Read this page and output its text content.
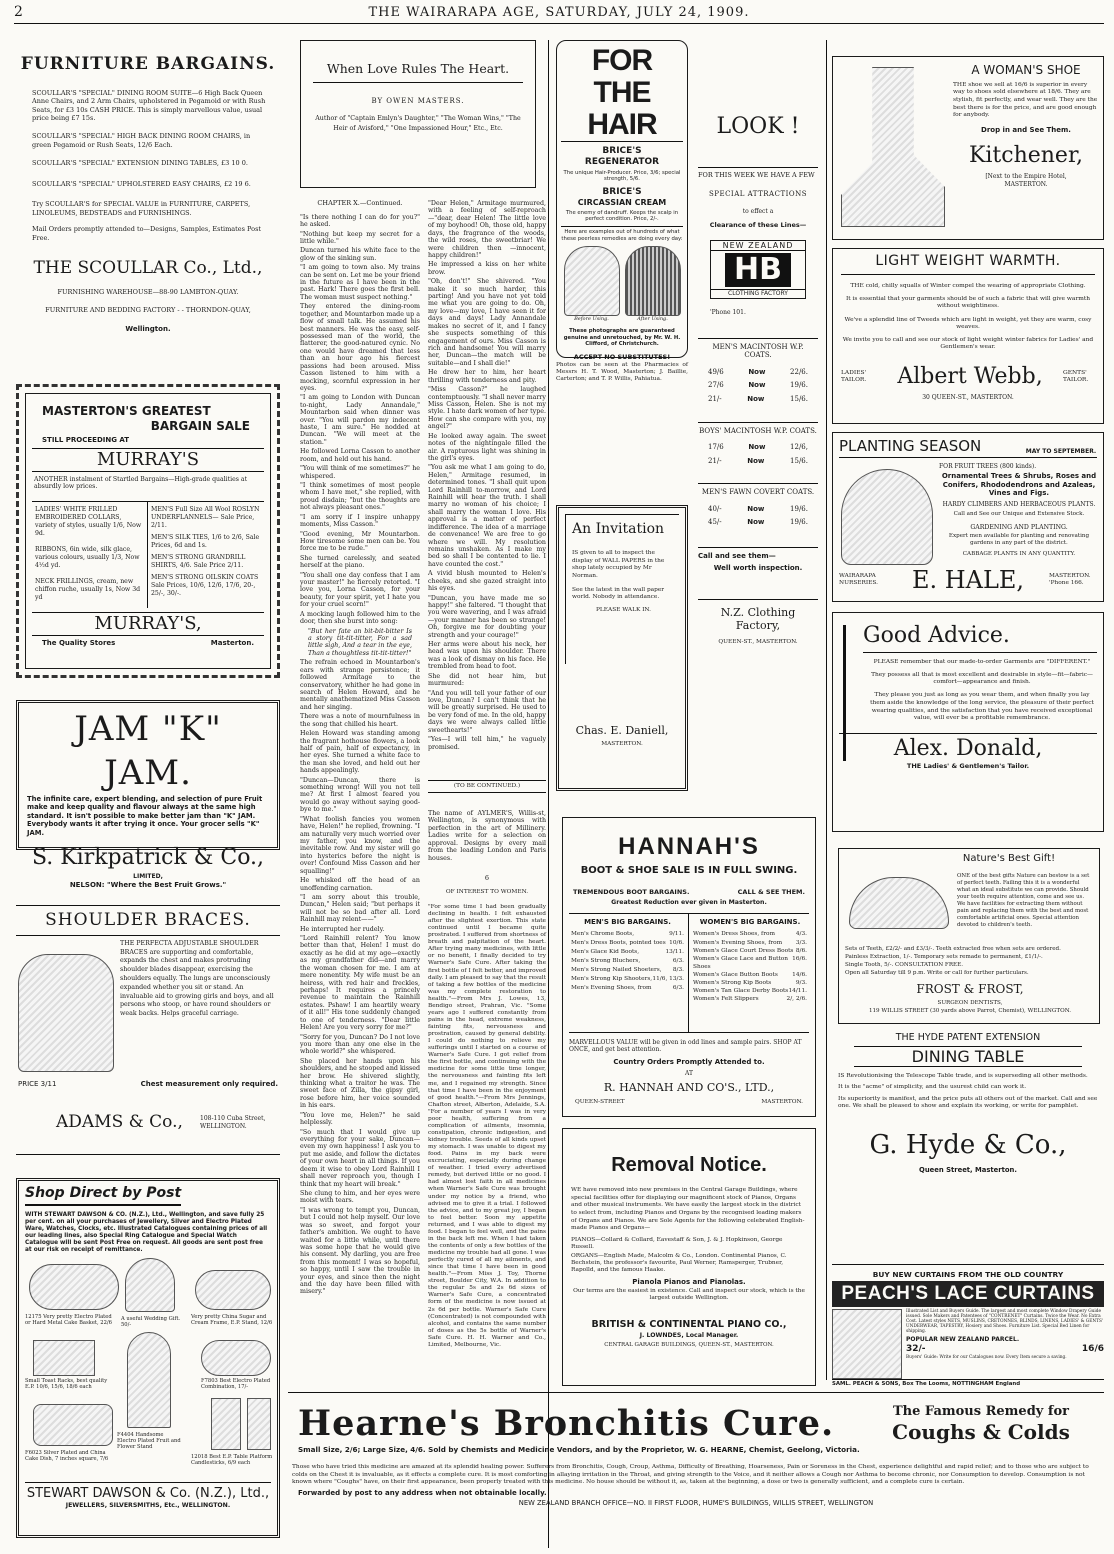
2	THE WAIRARAPA AGE, SATURDAY, JULY 24, 1909.
FURNITURE BARGAINS.

SCOULLAR'S "SPECIAL" DINING ROOM SUITE—6 High Back Queen Anne Chairs, and 2 Arm Chairs, upholstered in Pegamoid or with Rush Seats, for £3 10s CASH PRICE. This is simply marvellous value, usual price being £7 15s.

SCOULLAR'S "SPECIAL" HIGH BACK DINING ROOM CHAIRS, in green Pegamoid or Rush Seats, 12/6 Each.

SCOULLAR'S "SPECIAL" EXTENSION DINING TABLES, £3 10 0.

SCOULLAR'S "SPECIAL" UPHOLSTERED EASY CHAIRS, £2 19 6.

Try SCOULLAR'S for SPECIAL VALUE in FURNITURE, CARPETS, LINOLEUMS, BEDSTEADS and FURNISHINGS.

Mail Orders promptly attended to—Designs, Samples, Estimates Post Free.

THE SCOULLAR Co., Ltd.,
FURNISHING WAREHOUSE—88-90 LAMBTON-QUAY.
FURNITURE AND BEDDING FACTORY - - THORNDON-QUAY,
Wellington.
MASTERTON'S GREATEST
BARGAIN SALE
STILL PROCEEDING AT
MURRAY'S

ANOTHER instalment of Startled Bargains—High-grade qualities at absurdly low prices.

LADIES' WHITE FRILLED EMBROIDERED COLLARS, variety of styles, usually 1/6, Now 9d.

RIBBONS, 6in wide, silk glace, various colours, usually 1/3, Now 4½d yd.

NECK FRILLINGS, cream, new chiffon ruche, usually 1s, Now 3d yd

MEN'S Full Size All Wool ROSLYN UNDERFLANNELS— Sale Price, 2/11.

MEN'S SILK TIES, 1/6 to 2/6, Sale Prices, 6d and 1s.

MEN'S STRONG GRANDRILL SHIRTS, 4/6. Sale Price 2/11.

MEN'S STRONG OILSKIN COATS Sale Prices, 10/6, 12/6, 17/6, 20-, 25/-, 30/-.

MURRAY'S,
The Quality Stores	Masterton.
JAM "K" JAM.
The infinite care, expert blending, and selection of pure Fruit make and keep quality and flavour always at the same high standard. It isn't possible to make better jam than "K" JAM. Everybody wants it after trying it once. Your grocer sells "K" JAM.
S. Kirkpatrick & Co.,
LIMITED,
NELSON: "Where the Best Fruit Grows."
SHOULDER BRACES.

THE PERFECTA ADJUSTABLE SHOULDER BRACES are supporting and comfortable, expands the chest and makes protruding shoulder blades disappear, exercising the shoulders equally. The lungs are unconsciously expanded whether you sit or stand. An invaluable aid to growing girls and boys, and all persons who stoop, or have round shoulders or weak backs. Helps graceful carriage.

PRICE 3/11	Chest measurement only required.
ADAMS & Co.,	108-110 Cuba Street, WELLINGTON.
Shop Direct by Post

WITH STEWART DAWSON & CO. (N.Z.), Ltd., Wellington, and save fully 25 per cent. on all your purchases of Jewellery, Silver and Electro Plated Ware, Watches, Clocks, etc. Illustrated Catalogues containing prices of all our leading lines, also Special Ring Catalogue and Special Watch Catalogue will be sent Post Free on request. All goods are sent post free at our risk on receipt of remittance.

12175 Very pretty Electro Plated or Hard Metal Cake Basket, 22/6
A useful Wedding Gift. 50/-
Very pretty China Sugar and Cream Frame, E.P. Stand, 12/6
Small Toast Racks, best quality E.P. 10/6, 15/6, 18/6 each
F7803 Best Electro Plated Combination, 17/-
F6023 Silver Plated and China Cake Dish, 7 inches square, 7/6
F4404 Handsome Electro Plated Fruit and Flower Stand
12018 Best E.P. Table Platform Candlesticks, 6/9 each
STEWART DAWSON & Co. (N.Z.), Ltd.,
JEWELLERS, SILVERSMITHS, Etc., WELLINGTON.
When Love Rules The Heart.
BY OWEN MASTERS.
Author of "Captain Emlyn's Daughter," "The Woman Wins," "The Heir of Avisford," "One Impassioned Hour," Etc., Etc.
CHAPTER X.—Continued.

"Is there nothing I can do for you?" he asked.

"Nothing but keep my secret for a little while."

Duncan turned his white face to the glow of the sinking sun.

"I am going to town also. My trains can be sent on. Let me be your friend in the future as I have been in the past. Hark! There goes the first bell. The woman must suspect nothing."

They entered the dining-room together, and Mountarbon made up a flow of small talk. He assumed his best manners. He was the easy, self-possessed man of the world, the flatterer, the good-natured cynic. No one would have dreamed that less than an hour ago his fiercest passions had been aroused. Miss Casson listened to him with a mocking, scornful expression in her eyes.

"I am going to London with Duncan to-night, Lady Annandale," Mountarbon said when dinner was over. "You will pardon my indecent haste, I am sure." He nodded at Duncan. "We will meet at the station."

He followed Lorna Casson to another room, and held out his hand.

"You will think of me sometimes?" he whispered.

"I think sometimes of most people whom I have met," she replied, with proud disdain; "but the thoughts are not always pleasant ones."

"I am sorry if I inspire unhappy moments, Miss Casson."

"Good evening, Mr Mountarbon. How tiresome some men can be. You force me to be rude."

She turned carelessly, and seated herself at the piano.

"You shall one day confess that I am your master!" he fiercely retorted. "I love you, Lorna Casson, for your beauty, for your spirit, yet I hate you for your cruel scorn!"

A mocking laugh followed him to the door, then she burst into song:

"But her fate an bit-bit-bitter Is a story tit-tit-titter, For a sad little sigh, And a tear in the eye, Than a thoughtless tit-tit-titter!"

The refrain echoed in Mountarbon's ears with strange persistence; it followed Armitage to the conservatory, whither he had gone in search of Helen Howard, and he mentally anathematized Miss Casson and her singing.

There was a note of mournfulness in the song that chilled his heart.

Helen Howard was standing among the fragrant hothouse flowers, a look half of pain, half of expectancy, in her eyes. She turned a white face to the man she loved, and held out her hands appealingly.

"Duncan—Duncan, there is something wrong! Will you not tell me? At first I almost feared you would go away without saying good-bye to me."

"What foolish fancies you women have, Helen!" he replied, frowning. "I am naturally very much worried over my father, you know, and the inevitable row. And my sister will go into hysterics before the night is over! Confound Miss Casson and her squalling!"

He whisked off the head of an unoffending carnation.

"I am sorry about this trouble, Duncan," Helen said; "but perhaps it will not be so bad after all. Lord Rainhill may relent——"

He interrupted her rudely.

"Lord Rainhill relent? You know better than that, Helen! I must do exactly as he did at my age—exactly as my grandfather did—and marry the woman chosen for me. I am at mere nonentity. My wife must be an heiress, with red hair and freckles, perhaps! It requires a princely revenue to maintain the Rainhill estates. Pshaw! I am heartily weary of it all!" His tone suddenly changed to one of tenderness. "Dear little Helen! Are you very sorry for me?"

"Sorry for you, Duncan? Do I not love you more than any one else in the whole world?" she whispered.

She placed her hands upon his shoulders, and he stooped and kissed her brow. He shivered slightly, thinking what a traitor he was. The sweet face of Zilla, the gipsy girl, rose before him, her voice sounded in his ears.

"You love me, Helen?" he said helplessly.

"So much that I would give up everything for your sake, Duncan—even my own happiness! I ask you to put me aside, and follow the dictates of your own heart in all things. If you deem it wise to obey Lord Rainhill I shall never reproach you, though I think that my heart will break."

She clung to him, and her eyes were moist with tears.

"I was wrong to tempt you, Duncan, but I could not help myself. Our love was so sweet, and forgot your father's ambition. We ought to have waited for a little while, until there was some hope that he would give his consent. My darling, you are free from this moment! I was so hopeful, so happy, until I saw the trouble in your eyes, and since then the night and the day have been filled with misery."

"Dear Helen," Armitage murmured, with a feeling of self-reproach—"dear, dear Helen! The little love of my boyhood! Oh, those old, happy days, the fragrance of the woods, the wild roses, the sweetbriar! We were children then —innocent, happy children!"

He impressed a kiss on her white brow.

"Oh, don't!" She shivered. "You make it so much harder, this parting! And you have not yet told me what you are going to do. Oh, my love—my love, I have seen it for days and days! Lady Annandale makes no secret of it, and I fancy she suspects something of this engagement of ours. Miss Casson is rich and handsome! You will marry her, Duncan—the match will be suitable—and I shall die!"

He drew her to him, her heart thrilling with tenderness and pity.

"Miss Casson?" he laughed contemptuously. "I shall never marry Miss Casson, Helen. She is not my style. I hate dark women of her type. How can she compare with you, my angel?"

He looked away again. The sweet notes of the nightingale filled the air. A rapturous light was shining in the girl's eyes.

"You ask me what I am going to do, Helen," Armitage resumed, in determined tones. "I shall quit upon Lord Rainhill to-morrow, and Lord Rainhill will hear the truth. I shall marry no woman of his choice; I shall marry the woman I love. His approval is a matter of perfect indifference. The idea of a marriage de convenance! We are free to go where we will. My resolution remains unshaken. As I make my bed so shall I be contented to lie. I have counted the cost."

A vivid blush mounted to Helen's cheeks, and she gazed straight into his eyes.

"Duncan, you have made me so happy!" she faltered. "I thought that you were wavering, and I was afraid—your manner has been so strange! Oh, forgive me for doubting your strength and your courage!"

Her arms were about his neck, her head was upon his shoulder. There was a look of dismay on his face. He trembled from head to foot.

She did not hear him, but murmured:

"And you will tell your father of our love, Duncan? I can't think that he will be greatly surprised. He used to be very fond of me. In the old, happy days we were always called little sweethearts!"

"Yes—I will tell him," he vaguely promised.

(TO BE CONTINUED.)
The name of AYLMER'S, Willis-st, Wellington, is synonymous with perfection in the art of Millinery. Ladies write for a selection on approval. Designs by every mail from the leading London and Paris houses.
6
OF INTEREST TO WOMEN.
"For some time I had been gradually declining in health. I felt exhausted after the slightest exertion. This state continued until I became quite prostrated. I suffered from shortness of breath and palpitation of the heart. After trying many medicines, with little or no benefit, I finally decided to try Warner's Safe Cure. After taking the first bottle of I felt better, and improved daily. I am pleased to say that the result of taking a few bottles of the medicine was my complete restoration to health."—From Mrs J. Lowes, 13, Bendigo street, Prahran, Vic. "Some years ago I suffered constantly from pains in the head, extreme weakness, fainting fits, nervousness and prostration, caused by general debility. I could do nothing to relieve my sufferings until I started on a course of Warner's Safe Cure. I got relief from the first bottle, and continuing with the medicine for some little time longer, the nervousness and fainting fits left me, and I regained my strength. Since that time I have been in the enjoyment of good health."—From Mrs Jennings, Chafton street, Alberton, Adelaide, S.A. "For a number of years I was in very poor health, suffering from a complication of ailments, insomnia, constipation, chronic indigestion, and kidney trouble. Seeds of all kinds upset my stomach. I was unable to digest my food. Pains in my back were excruciating, especially during change of weather. I tried every advertised remedy, but derived little or no good. I had almost lost faith in all medicines when Warner's Safe Cure was brought under my notice by a friend, who advised me to give it a trial. I followed the advice, and to my great joy, I began to feel better. Soon my appetite returned, and I was able to digest my food. I began to feel well, and the pains in the back left me. When I had taken the contents of only a few bottles of the medicine my trouble had all gone. I was perfectly cured of all my ailments, and since that time I have been in good health."—From Miss J. Toy, Thorne street, Boulder City, W.A. In addition to the regular 5s and 2s 6d sizes of Warner's Safe Cure, a concentrated form of the medicine is now issued at 2s 6d per bottle. Warner's Safe Cure (Concentrated) is not compounded with alcohol, and contains the same number of doses as the 5s bottle of Warner's Safe Cure. H. H. Warner and Co., Limited, Melbourne, Vic.
FOR THE HAIR
BRICE'S
REGENERATOR
The unique Hair-Producer. Price, 3/6; special strength, 5/6.
BRICE'S
CIRCASSIAN CREAM
The enemy of dandruff. Keeps the scalp in perfect condition. Price, 2/-.
Here are examples out of hundreds of what these peerless remedies are doing every day:
Before Using.	After Using.
These photographs are guaranteed genuine and unretouched, by Mr. W. H. Clifford, of Christchurch.
ACCEPT NO SUBSTITUTES!
Photos can be seen at the Pharmacies of Messrs H. T. Wood, Masterton; J. Baillie, Carterton; and T. P. Willis, Pahiatua.
An Invitation

IS given to all to inspect the display of WALL PAPERS in the shop lately occupied by Mr Norman.

See the latest in the wall paper world. Nobody in attendance.

PLEASE WALK IN.

Chas. E. Daniell,
MASTERTON.
LOOK !
FOR THIS WEEK WE HAVE A FEW
SPECIAL ATTRACTIONS
to effect a
Clearance of these Lines—
NEW ZEALAND
HB
CLOTHING FACTORY
'Phone 101.
MEN'S MACINTOSH W.P. COATS.
49/6	Now	22/6.
27/6	Now	19/6.
21/-	Now	15/6.
BOYS' MACINTOSH W.P. COATS.
17/6	Now	12/6,
21/-	Now	15/6.
MEN'S FAWN COVERT COATS.
40/-	Now	19/6.
45/-	Now	19/6.
Call and see them—
Well worth inspection.
N.Z. Clothing Factory,
QUEEN-ST., MASTERTON.
HANNAH'S
BOOT & SHOE SALE IS IN FULL SWING.
TREMENDOUS BOOT BARGAINS.	CALL & SEE THEM.
Greatest Reduction ever given in Masterton.
MEN'S BIG BARGAINS.
Men's Chrome Boots,	9/11.
Men's Dress Boots, pointed toes 10/6.
Men's Glace Kid Boots,	13/11.
Men's Strong Bluchers,	6/3.
Men's Strong Nailed Shoeters, 8/3.
Men's Strong Kip Shooters, 11/6, 13/3.
Men's Evening Shoes, from	6/3.
WOMEN'S BIG BARGAINS.
Women's Dress Shoes, from	4/3.
Women's Evening Shoes, from 3/3.
Women's Glace Court Dress Boots 8/6.
Women's Glace Lace and Button Shoes
16/6.
Women's Glace Button Boots 14/6.
Women's Strong Kip Boots	9/3.
Women's Tan Glace Derby Boots 14/11.
Women's Felt Slippers	2/, 2/6.

MARVELLOUS VALUE will be given in odd lines and sample pairs. SHOP AT ONCE, and get best attention.

Country Orders Promptly Attended to.
AT
R. HANNAH AND CO'S., LTD.,
QUEEN-STREET	MASTERTON.
Removal Notice.

WE have removed into new premises in the Central Garage Buildings, where special facilities offer for displaying our magnificent stock of Pianos, Organs and other musical instruments. We have easily the largest stock in the district to select from, including Pianos and Organs by the recognised leading makers of Organs and Pianos. We are Sole Agents for the following celebrated English-made Pianos and Organs—

PIANOS—Collard & Collard, Eavestaff & Son, J. & J. Hopkinson, George Russell.

ORGANS—English Made, Malcolm & Co., London. Continental Pianos, C. Bechstein, the professor's favourite, Paul Werner, Ramsperger, Trubner, Rapolld, and the famous Haake.

Pianola Pianos and Pianolas.

Our terms are the easiest in existence. Call and inspect our stock, which is the largest outside Wellington.

BRITISH & CONTINENTAL PIANO CO.,
J. LOWNDES, Local Manager.
CENTRAL GARAGE BUILDINGS, QUEEN-ST., MASTERTON.
A WOMAN'S SHOE

THE shoe we sell at 16/6 is superior in every way to shoes sold elsewhere at 18/6. They are stylish, fit perfectly, and wear well. They are the best there is for the price, and are good enough for anybody.

Drop in and See Them.
Kitchener,
[Next to the Empire Hotel, MASTERTON.
LIGHT WEIGHT WARMTH.

THE cold, chilly squalls of Winter compel the wearing of appropriate Clothing.

It is essential that your garments should be of such a fabric that will give warmth without weightiness.

We've a splendid line of Tweeds which are light in weight, yet they are warm, cosy weaves.

We invite you to call and see our stock of light weight winter fabrics for Ladies' and Gentlemen's wear.

LADIES' TAILOR.	Albert Webb,	GENTS' TAILOR.
30 QUEEN-ST., MASTERTON.
PLANTING SEASON	MAY TO SEPTEMBER.
FOR FRUIT TREES (800 kinds).
Ornamental Trees & Shrubs, Roses and Conifers, Rhododendrons and Azaleas, Vines and Figs.
HARDY CLIMBERS AND HERBACEOUS PLANTS.
Call and See our Unique and Extensive Stock.
GARDENING AND PLANTING.
Expert men available for planting and renovating gardens in any part of the district.
CABBAGE PLANTS IN ANY QUANTITY.
WAIRARAPA NURSERIES.	E. HALE,	MASTERTON. 'Phone 166.
Good Advice.

PLEASE remember that our made-to-order Garments are "DIFFERENT."

They possess all that is most excellent and desirable in style—fit—fabric—comfort—appearance and finish.

They please you just as long as you wear them, and when finally you lay them aside the knowledge of the long service, the pleasure of their perfect wearing qualities, and the satisfaction that you have received exceptional value, will ever be a profitable remembrance.

Alex. Donald,
THE Ladies' & Gentlemen's Tailor.
Nature's Best Gift!

ONE of the best gifts Nature can bestow is a set of perfect teeth. Failing this it is a wonderful what an ideal substitute we can provide. Should your teeth require attention, come and see us. We have facilities for extracting them without pain and replacing them with the best and most comfortable artificial ones. Special attention devoted to children's teeth.

Sets of Teeth, £2/2/- and £3/3/-. Teeth extracted free when sets are ordered.
Painless Extraction, 1/-. Temporary sets remade to permanent, £1/1/-.
Single Tooth, 5/-. CONSULTATION FREE.
Open all Saturday till 9 p.m. Write or call for further particulars.
FROST & FROST,
SURGEON DENTISTS,
119 WILLIS STREET (30 yards above Parrot, Chemist), WELLINGTON.
THE HYDE PATENT EXTENSION
DINING TABLE

IS Revolutionising the Telescope Table trade, and is superseding all other methods.

It is the "acme" of simplicity, and the usurest child can work it.

Its superiority is manifest, and the price puts all others out of the market. Call and see one. We shall be pleased to show and explain its working, or write for pamphlet.

G. Hyde & Co.,
Queen Street, Masterton.
BUY NEW CURTAINS FROM THE OLD COUNTRY
PEACH'S LACE CURTAINS

Illustrated List and Buyers Guide. The largest and most complete Window Drapery Guide issued. Sole Makers and Patentees of "CONTRENET" Curtains. Twice the Wear. No Extra Cost. Latest styles NETS, MUSLINS, CRETONNES, BLINDS, LINENS, LADIES' & GENTS' UNDERWEAR, TAPESTRY, Hosiery and Shoes. Furniture List. Special Bed Linen for shipping.

POPULAR NEW ZEALAND PARCEL.
32/-	16/6

Buyers' Guide: Write for our Catalogues now. Every Item secure a saving.

SAML. PEACH & SONS, Box The Looms, NOTTINGHAM England
Hearne's Bronchitis Cure.	The Famous Remedy for
Coughs & Colds
Small Size, 2/6; Large Size, 4/6. Sold by Chemists and Medicine Vendors, and by the Proprietor, W. G. HEARNE, Chemist, Geelong, Victoria.

Those who have tried this medicine are amazed at its splendid healing power. Sufferers from Bronchitis, Cough, Croup, Asthma, Difficulty of Breathing, Hoarseness, Pain or Soreness in the Chest, experience delightful and rapid relief; and to those who are subject to colds on the Chest it is invaluable, as it effects a complete cure. It is most comforting in allaying irritation in the Throat, and giving strength to the Voice, and it neither allows a Cough nor Asthma to become chronic, nor Consumption to develop. Consumption is not known where "Coughs" have, on their first appearance, been properly treated with this medicine. No house should be without it, as, taken at the beginning, a dose or two is generally sufficient, and a complete cure is certain.

Forwarded by post to any address when not obtainable locally.
NEW ZEALAND BRANCH OFFICE—NO. II FIRST FLOOR, HUME'S BUILDINGS, WILLIS STREET, WELLINGTON
